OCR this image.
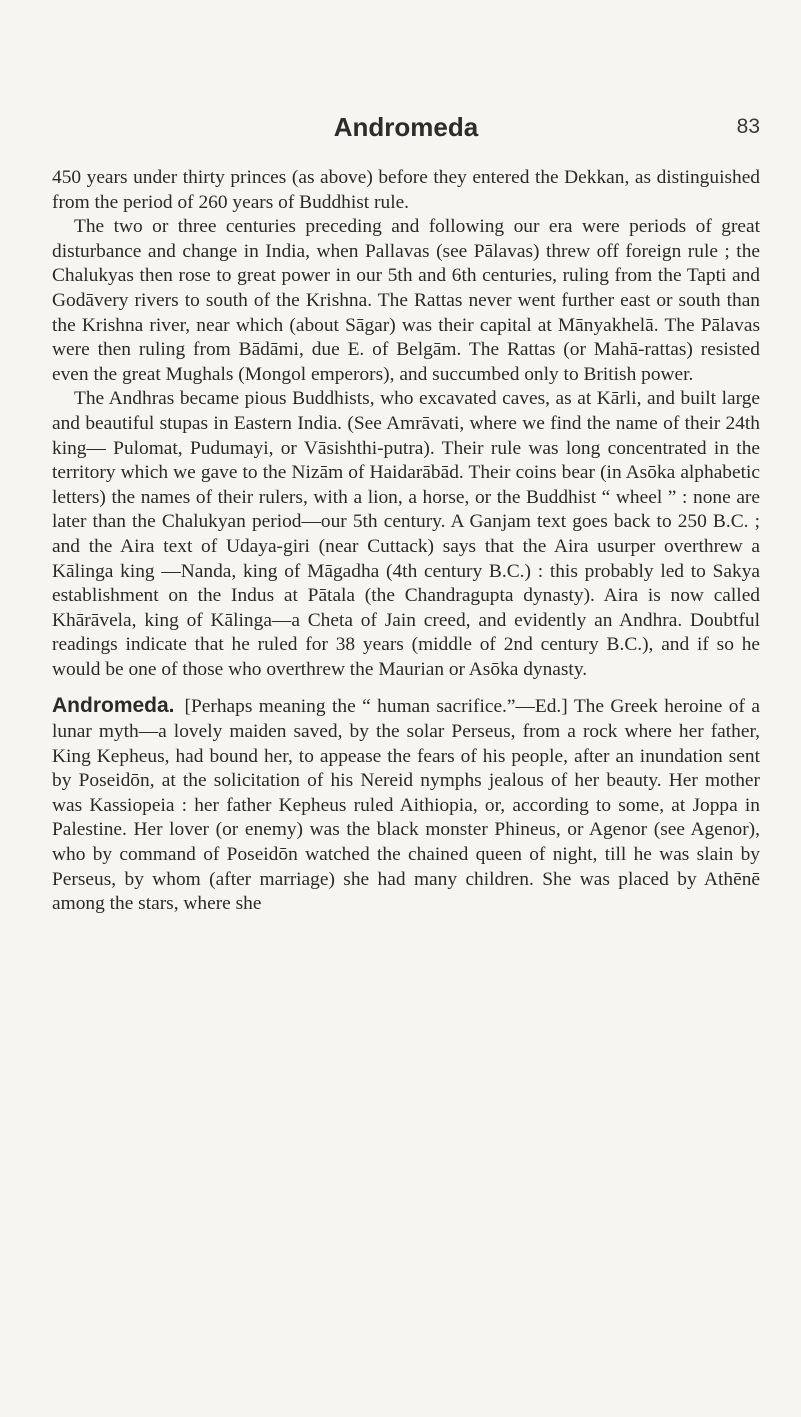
Andromeda	83

450 years under thirty princes (as above) before they entered the Dekkan, as distinguished from the period of 260 years of Buddhist rule.

The two or three centuries preceding and following our era were periods of great disturbance and change in India, when Pallavas (see Pālavas) threw off foreign rule ; the Chalukyas then rose to great power in our 5th and 6th centuries, ruling from the Tapti and Godāvery rivers to south of the Krishna. The Rattas never went further east or south than the Krishna river, near which (about Sāgar) was their capital at Mānyakhelā. The Pālavas were then ruling from Bādāmi, due E. of Belgām. The Rattas (or Mahā-rattas) resisted even the great Mughals (Mongol emperors), and succumbed only to British power.

The Andhras became pious Buddhists, who excavated caves, as at Kārli, and built large and beautiful stupas in Eastern India. (See Amrāvati, where we find the name of their 24th king— Pulomat, Pudumayi, or Vāsishthi-putra). Their rule was long concentrated in the territory which we gave to the Nizām of Haidarābād. Their coins bear (in Asōka alphabetic letters) the names of their rulers, with a lion, a horse, or the Buddhist “ wheel ” : none are later than the Chalukyan period—our 5th century. A Ganjam text goes back to 250 B.C. ; and the Aira text of Udaya-giri (near Cuttack) says that the Aira usurper overthrew a Kālinga king —Nanda, king of Māgadha (4th century B.C.) : this probably led to Sakya establishment on the Indus at Pātala (the Chandragupta dynasty). Aira is now called Khārāvela, king of Kālinga—a Cheta of Jain creed, and evidently an Andhra. Doubtful readings indicate that he ruled for 38 years (middle of 2nd century B.C.), and if so he would be one of those who overthrew the Maurian or Asōka dynasty.

Andromeda. [Perhaps meaning the “ human sacrifice.”—Ed.] The Greek heroine of a lunar myth—a lovely maiden saved, by the solar Perseus, from a rock where her father, King Kepheus, had bound her, to appease the fears of his people, after an inundation sent by Poseidōn, at the solicitation of his Nereid nymphs jealous of her beauty. Her mother was Kassiopeia : her father Kepheus ruled Aithiopia, or, according to some, at Joppa in Palestine. Her lover (or enemy) was the black monster Phineus, or Agenor (see Agenor), who by command of Poseidōn watched the chained queen of night, till he was slain by Perseus, by whom (after marriage) she had many children. She was placed by Athēnē among the stars, where she
